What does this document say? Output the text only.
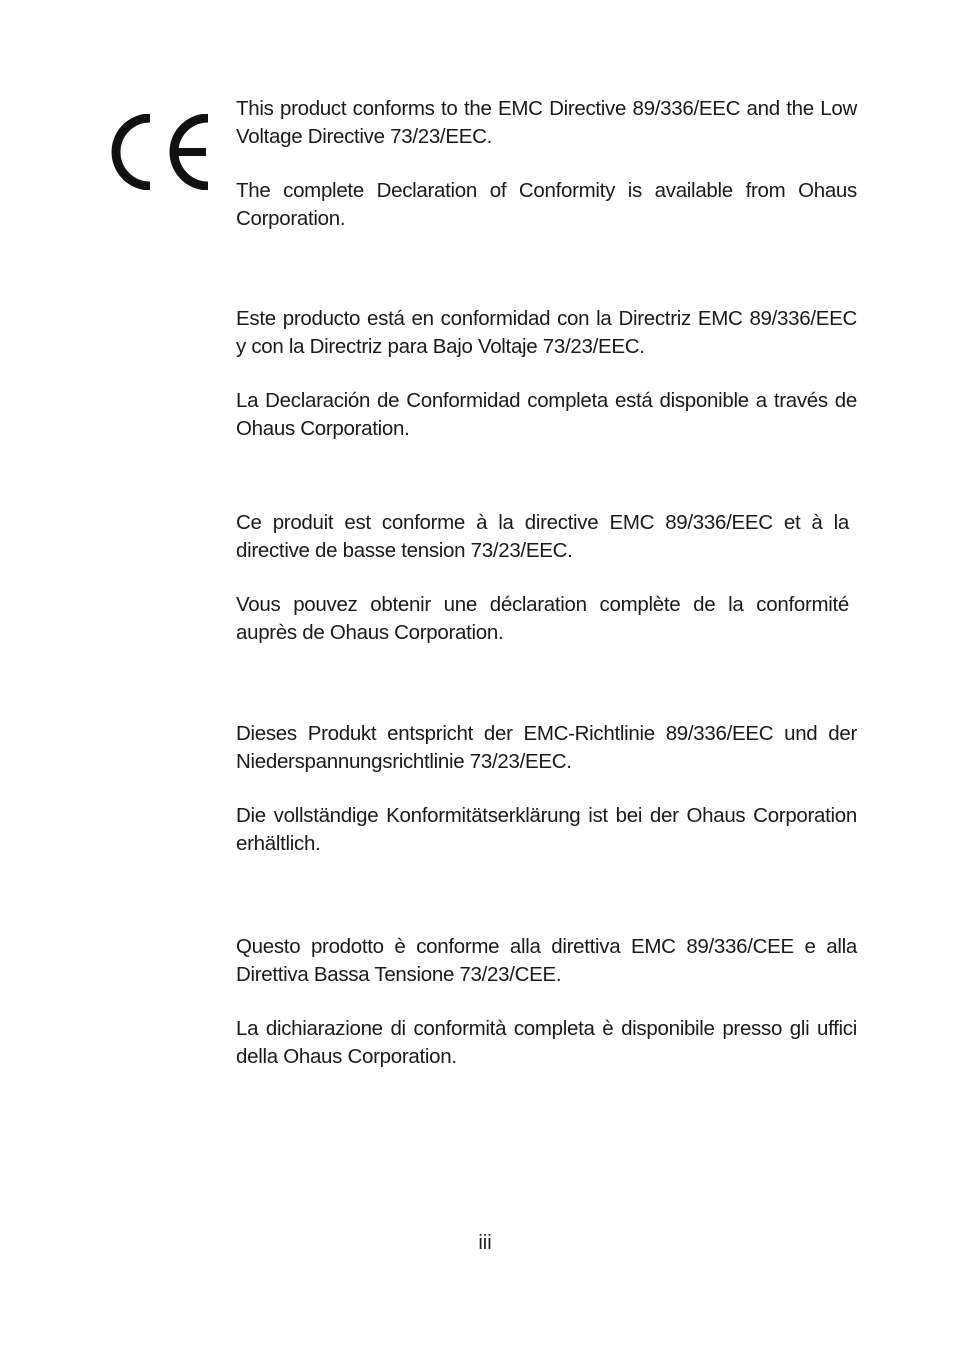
This product conforms to the EMC Directive 89/336/EEC and the Low Voltage Directive 73/23/EEC.

The complete Declaration of Conformity is available from Ohaus Corporation.

Este producto está en conformidad con la Directriz EMC 89/336/EEC y con la Directriz para Bajo Voltaje 73/23/EEC.

La Declaración de Conformidad completa está disponible a través de Ohaus Corporation.

Ce produit est conforme à la directive EMC 89/336/EEC et à la directive de basse tension 73/23/EEC.

Vous pouvez obtenir une déclaration complète de la conformité auprès de Ohaus Corporation.

Dieses Produkt entspricht der EMC-Richtlinie 89/336/EEC und der Niederspannungsrichtlinie 73/23/EEC.

Die vollständige Konformitätserklärung ist bei der Ohaus Corporation erhältlich.

Questo prodotto è conforme alla direttiva EMC 89/336/CEE e alla Direttiva Bassa Tensione 73/23/CEE.

La dichiarazione di conformità completa è disponibile presso gli uffici della Ohaus Corporation.

iii
